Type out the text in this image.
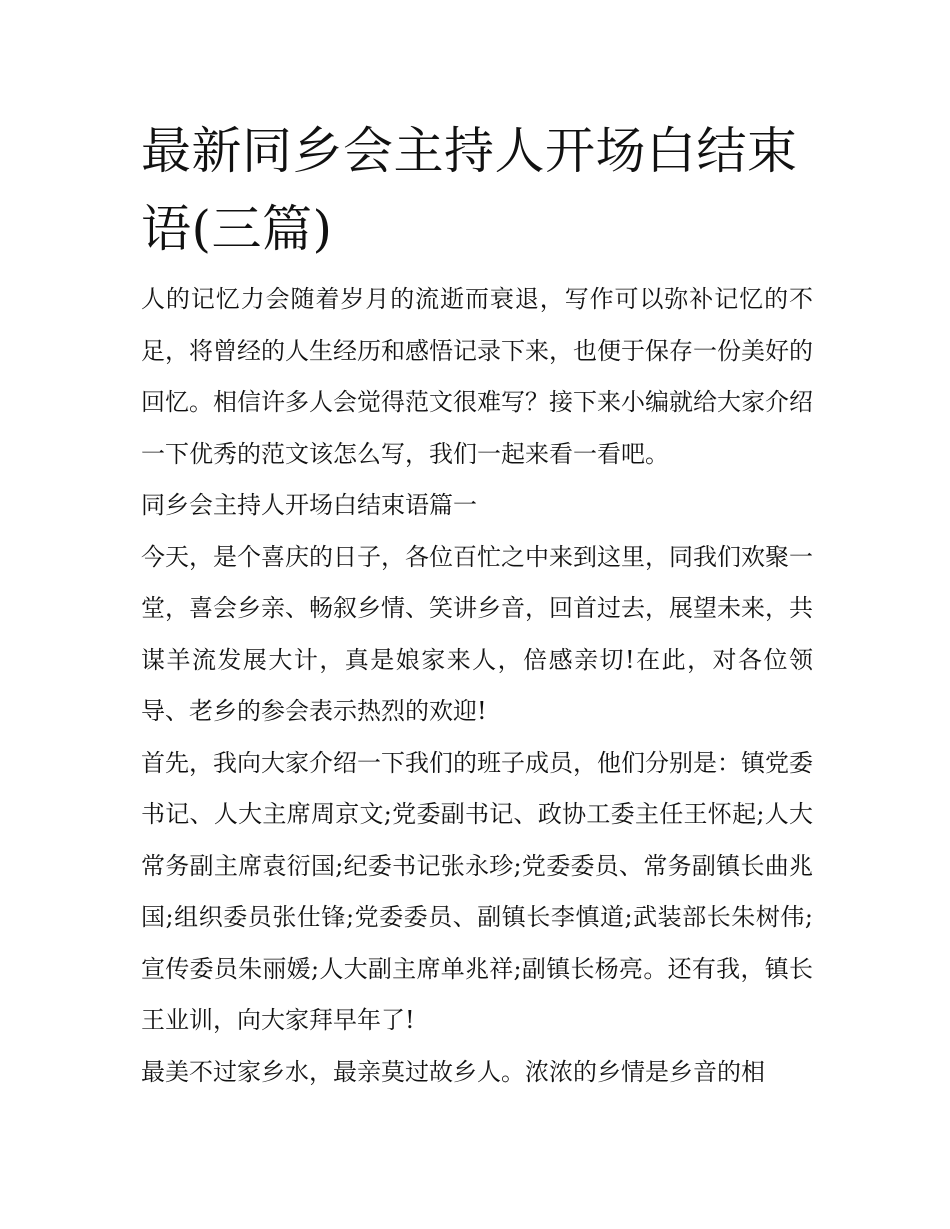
最新同乡会主持人开场白结束语(三篇)

人的记忆力会随着岁月的流逝而衰退，写作可以弥补记忆的不足，将曾经的人生经历和感悟记录下来，也便于保存一份美好的回忆。相信许多人会觉得范文很难写？接下来小编就给大家介绍一下优秀的范文该怎么写，我们一起来看一看吧。

同乡会主持人开场白结束语篇一

今天，是个喜庆的日子，各位百忙之中来到这里，同我们欢聚一堂，喜会乡亲、畅叙乡情、笑讲乡音，回首过去，展望未来，共谋羊流发展大计，真是娘家来人，倍感亲切!在此，对各位领导、老乡的参会表示热烈的欢迎!

首先，我向大家介绍一下我们的班子成员，他们分别是：镇党委书记、人大主席周京文;党委副书记、政协工委主任王怀起;人大常务副主席袁衍国;纪委书记张永珍;党委委员、常务副镇长曲兆国;组织委员张仕锋;党委委员、副镇长李慎道;武装部长朱树伟;宣传委员朱丽媛;人大副主席单兆祥;副镇长杨亮。还有我，镇长王业训，向大家拜早年了!

最美不过家乡水，最亲莫过故乡人。浓浓的乡情是乡音的相
